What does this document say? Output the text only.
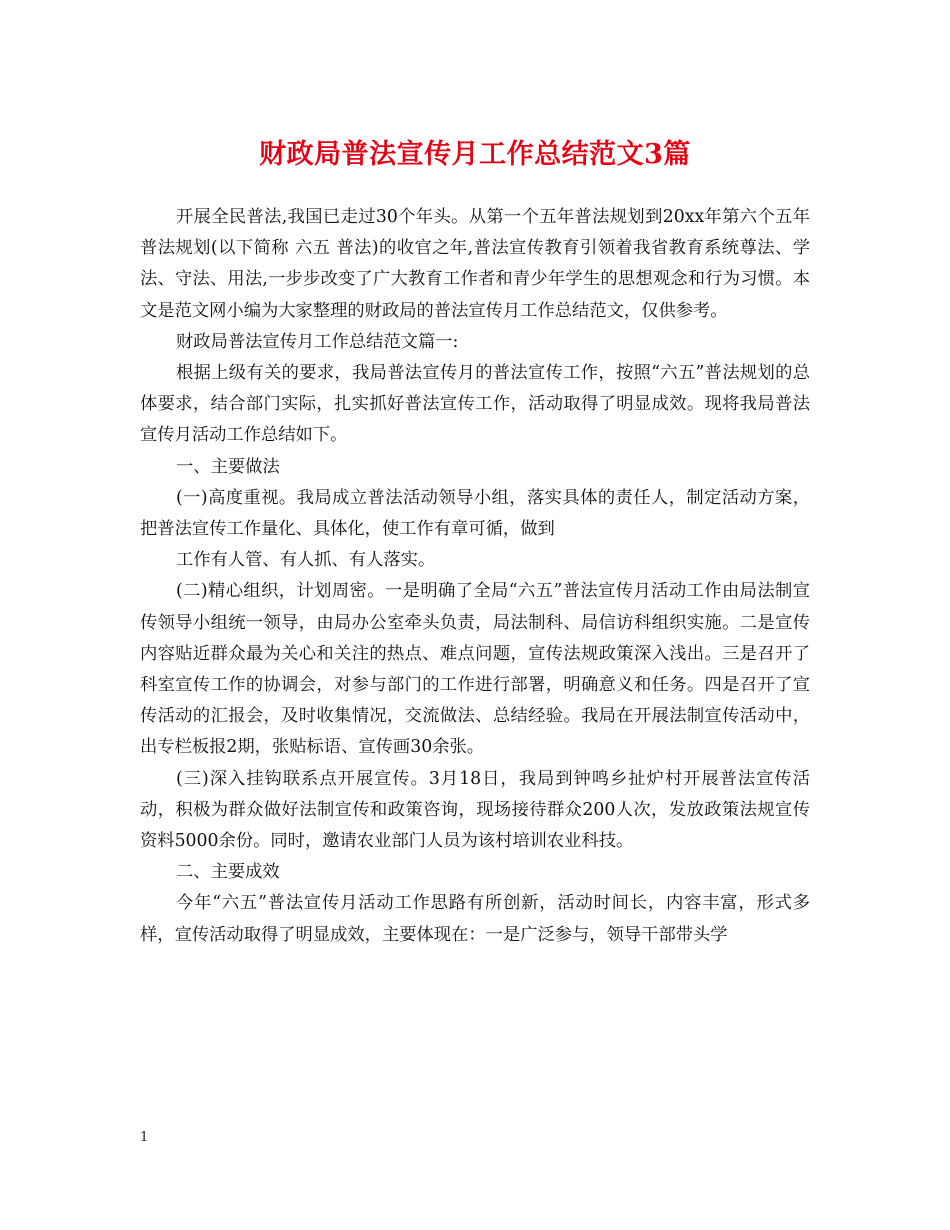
财政局普法宣传月工作总结范文3篇

开展全民普法,我国已走过30个年头。从第一个五年普法规划到20xx年第六个五年普法规划(以下简称 六五 普法)的收官之年,普法宣传教育引领着我省教育系统尊法、学法、守法、用法,一步步改变了广大教育工作者和青少年学生的思想观念和行为习惯。本文是范文网小编为大家整理的财政局的普法宣传月工作总结范文，仅供参考。

财政局普法宣传月工作总结范文篇一:

根据上级有关的要求，我局普法宣传月的普法宣传工作，按照“六五”普法规划的总体要求，结合部门实际，扎实抓好普法宣传工作，活动取得了明显成效。现将我局普法宣传月活动工作总结如下。

一、主要做法

(一)高度重视。我局成立普法活动领导小组，落实具体的责任人，制定活动方案，把普法宣传工作量化、具体化，使工作有章可循，做到

工作有人管、有人抓、有人落实。

(二)精心组织，计划周密。一是明确了全局“六五”普法宣传月活动工作由局法制宣传领导小组统一领导，由局办公室牵头负责，局法制科、局信访科组织实施。二是宣传内容贴近群众最为关心和关注的热点、难点问题，宣传法规政策深入浅出。三是召开了科室宣传工作的协调会，对参与部门的工作进行部署，明确意义和任务。四是召开了宣传活动的汇报会，及时收集情况，交流做法、总结经验。我局在开展法制宣传活动中，出专栏板报2期，张贴标语、宣传画30余张。

(三)深入挂钩联系点开展宣传。3月18日，我局到钟鸣乡扯炉村开展普法宣传活动，积极为群众做好法制宣传和政策咨询，现场接待群众200人次，发放政策法规宣传资料5000余份。同时，邀请农业部门人员为该村培训农业科技。

二、主要成效

今年“六五”普法宣传月活动工作思路有所创新，活动时间长，内容丰富，形式多样，宣传活动取得了明显成效，主要体现在：一是广泛参与，领导干部带头学

1
